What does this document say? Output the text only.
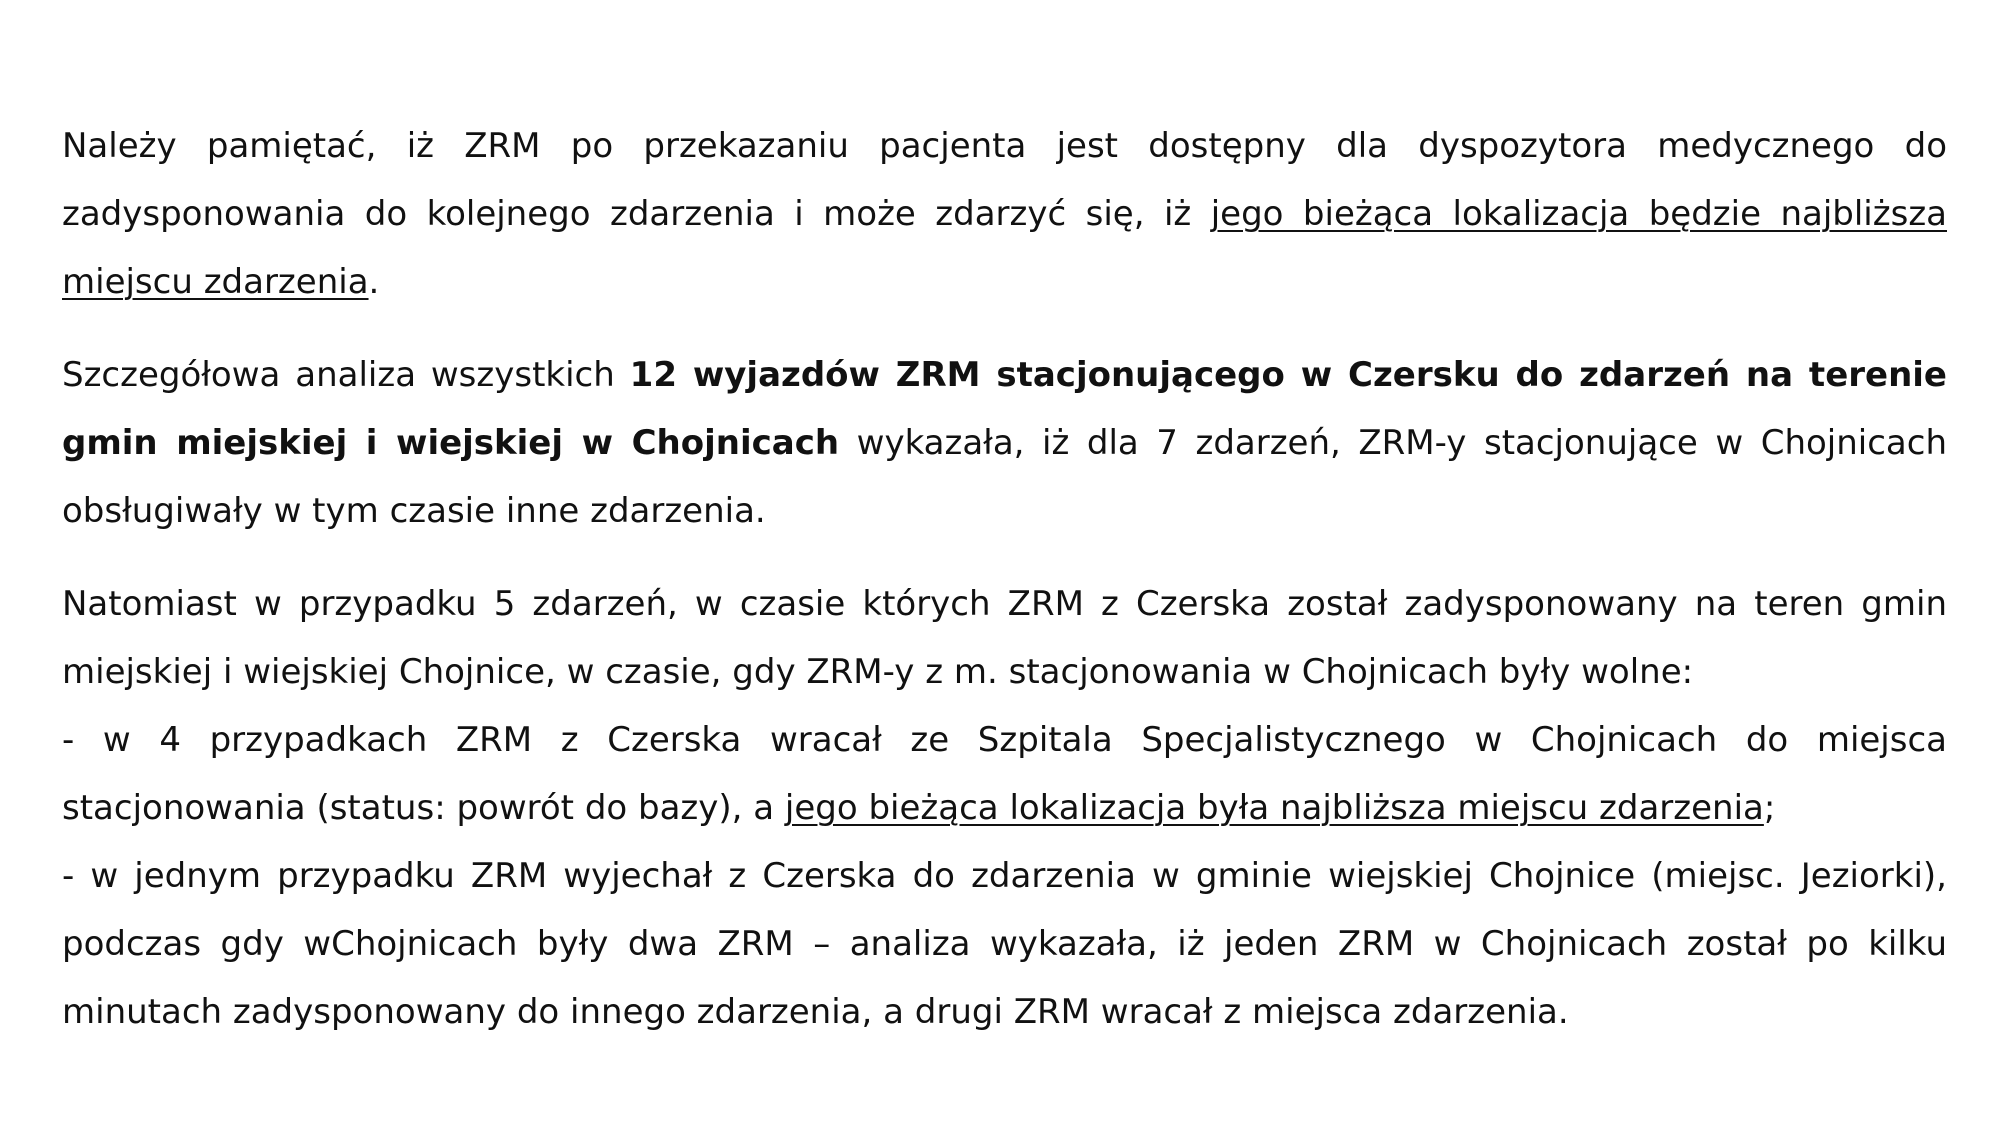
Należy pamiętać, iż ZRM po przekazaniu pacjenta jest dostępny dla dyspozytora medycznego do zadysponowania do kolejnego zdarzenia i może zdarzyć się, iż jego bieżąca lokalizacja będzie najbliższa miejscu zdarzenia.

Szczegółowa analiza wszystkich 12 wyjazdów ZRM stacjonującego w Czersku do zdarzeń na terenie gmin miejskiej i wiejskiej w Chojnicach wykazała, iż dla 7 zdarzeń, ZRM-y stacjonujące w Chojnicach obsługiwały w tym czasie inne zdarzenia.

Natomiast w przypadku 5 zdarzeń, w czasie których ZRM z Czerska został zadysponowany na teren gmin miejskiej i wiejskiej Chojnice, w czasie, gdy ZRM-y z m. stacjonowania w Chojnicach były wolne:

- w 4 przypadkach ZRM z Czerska wracał ze Szpitala Specjalistycznego w Chojnicach do miejsca stacjonowania (status: powrót do bazy), a jego bieżąca lokalizacja była najbliższa miejscu zdarzenia;

- w jednym przypadku ZRM wyjechał z Czerska do zdarzenia w gminie wiejskiej Chojnice (miejsc. Jeziorki), podczas gdy wChojnicach były dwa ZRM – analiza wykazała, iż jeden ZRM w Chojnicach został po kilku minutach zadysponowany do innego zdarzenia, a drugi ZRM wracał z miejsca zdarzenia.
